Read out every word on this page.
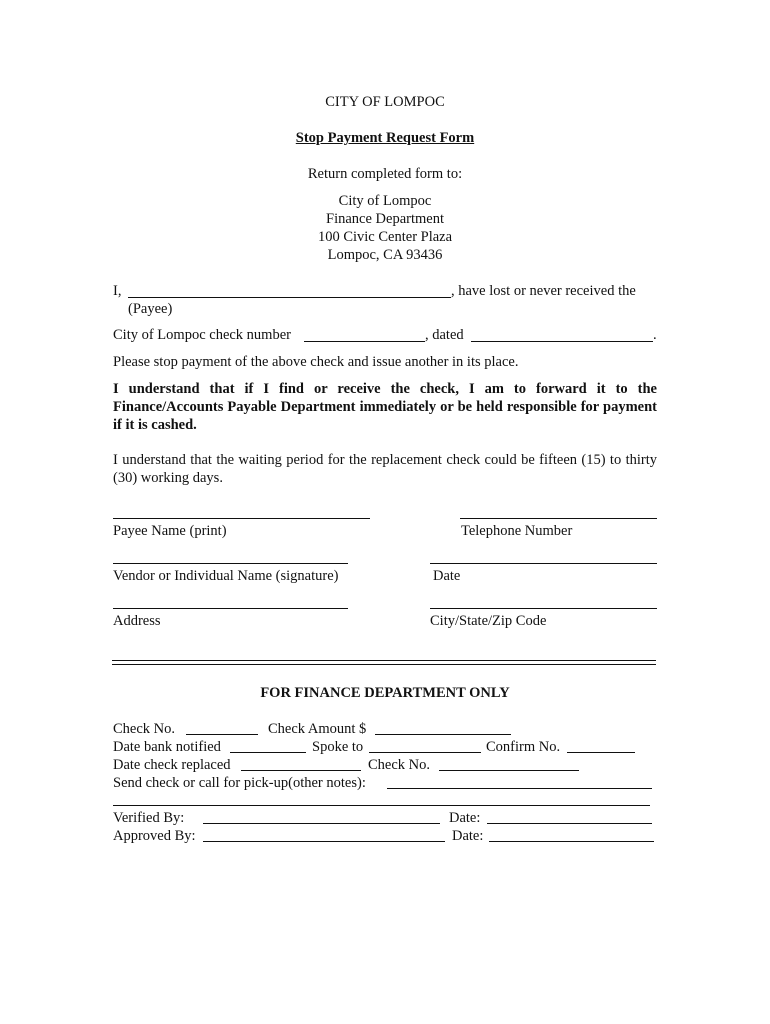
CITY OF LOMPOC
Stop Payment Request Form
Return completed form to:
City of Lompoc
Finance Department
100 Civic Center Plaza
Lompoc, CA 93436
I,	, have lost or never received the
(Payee)
City of Lompoc check number	, dated	.
Please stop payment of the above check and issue another in its place.
I understand that if I find or receive the check, I am to forward it to the Finance/Accounts Payable Department immediately or be held responsible for payment if it is cashed.
I understand that the waiting period for the replacement check could be fifteen (15) to thirty (30) working days.
Payee Name (print)	Telephone Number
Vendor or Individual Name (signature)	Date
Address	City/State/Zip Code
FOR FINANCE DEPARTMENT ONLY
Check No.	Check Amount $
Date bank notified	Spoke to	Confirm No.
Date check replaced	Check No.
Send check or call for pick-up(other notes):
Verified By:	Date:
Approved By:	Date:
